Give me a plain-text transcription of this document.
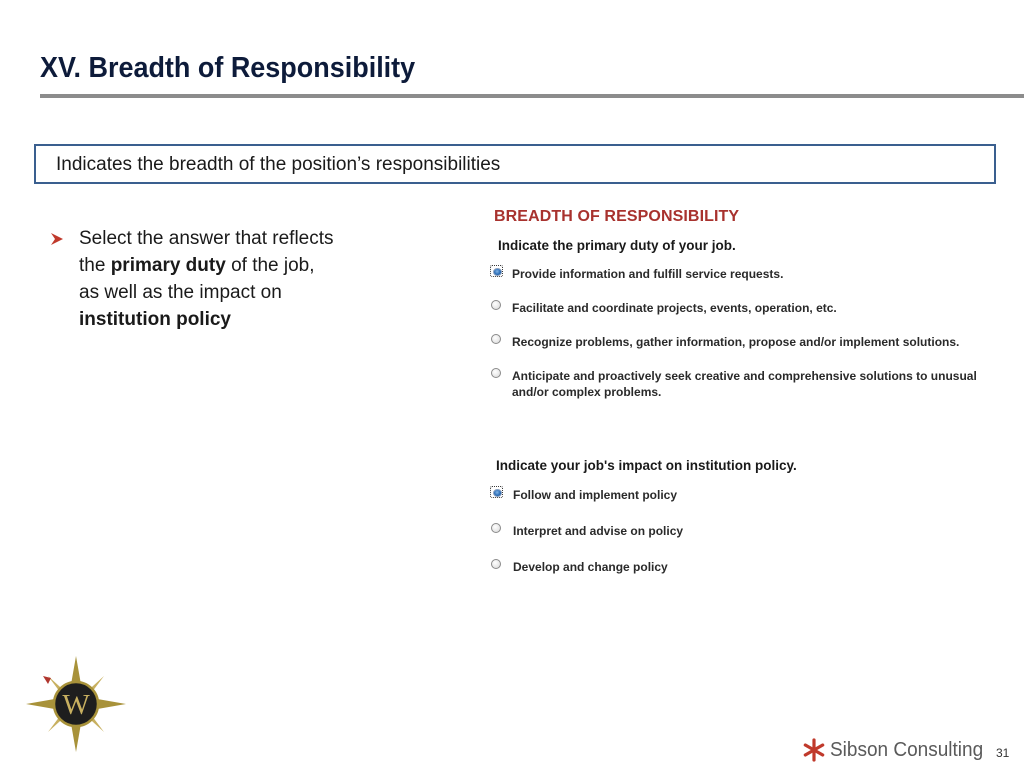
XV. Breadth of Responsibility
Indicates the breadth of the position’s responsibilities
Select the answer that reflects
the primary duty of the job,
as well as the impact on
institution policy
BREADTH OF RESPONSIBILITY
Indicate the primary duty of your job.
Provide information and fulfill service requests.
Facilitate and coordinate projects, events, operation, etc.
Recognize problems, gather information, propose and/or implement solutions.
Anticipate and proactively seek creative and comprehensive solutions to unusual
and/or complex problems.
Indicate your job's impact on institution policy.
Follow and implement policy
Interpret and advise on policy
Develop and change policy
W
Sibson Consulting 31
